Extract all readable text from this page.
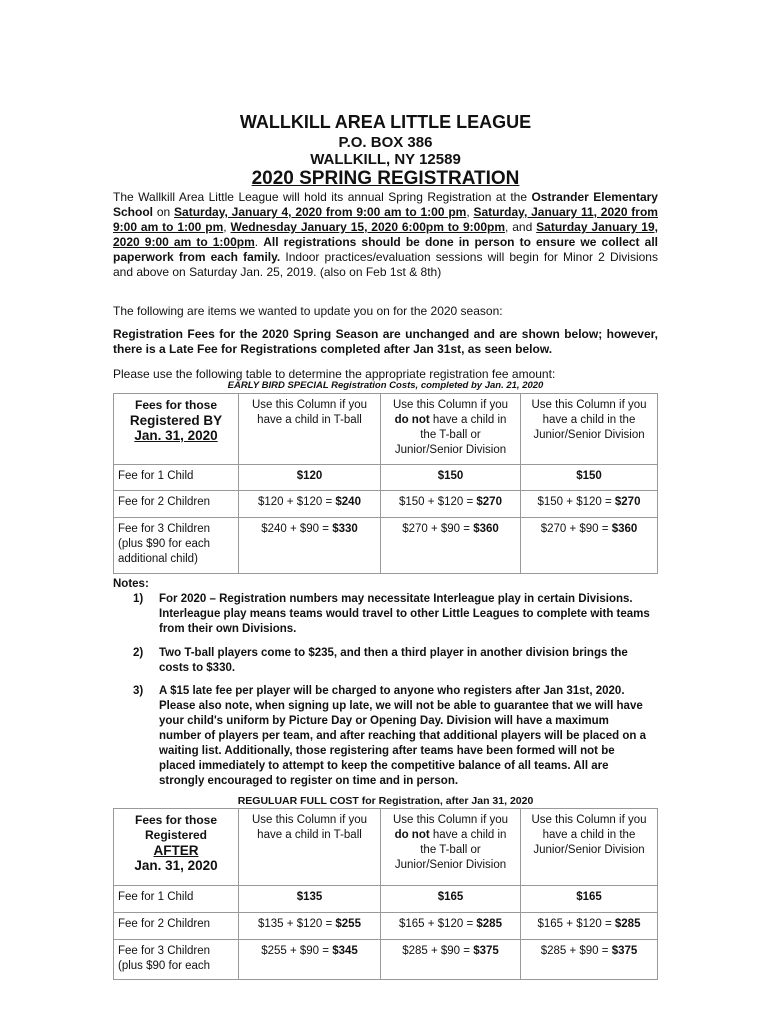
WALLKILL AREA LITTLE LEAGUE
P.O. BOX 386
WALLKILL, NY 12589
2020 SPRING REGISTRATION
The Wallkill Area Little League will hold its annual Spring Registration at the Ostrander Elementary School on Saturday, January 4, 2020 from 9:00 am to 1:00 pm, Saturday, January 11, 2020 from 9:00 am to 1:00 pm, Wednesday January 15, 2020 6:00pm to 9:00pm, and Saturday January 19, 2020 9:00 am to 1:00pm. All registrations should be done in person to ensure we collect all paperwork from each family. Indoor practices/evaluation sessions will begin for Minor 2 Divisions and above on Saturday Jan. 25, 2019. (also on Feb 1st & 8th)
The following are items we wanted to update you on for the 2020 season:
Registration Fees for the 2020 Spring Season are unchanged and are shown below; however, there is a Late Fee for Registrations completed after Jan 31st, as seen below.
Please use the following table to determine the appropriate registration fee amount:
EARLY BIRD SPECIAL Registration Costs, completed by Jan. 21, 2020
Fees for those
Registered BY
Jan. 31, 2020	Use this Column if you have a child in T-ball	Use this Column if you do not have a child in the T-ball or Junior/Senior Division	Use this Column if you have a child in the Junior/Senior Division
Fee for 1 Child	$120	$150	$150
Fee for 2 Children	$120 + $120 = $240	$150 + $120 = $270	$150 + $120 = $270
Fee for 3 Children (plus $90 for each additional child)	$240 + $90 = $330	$270 + $90 = $360	$270 + $90 = $360
Notes:
1) For 2020 – Registration numbers may necessitate Interleague play in certain Divisions. Interleague play means teams would travel to other Little Leagues to complete with teams from their own Divisions.
2) Two T-ball players come to $235, and then a third player in another division brings the costs to $330.
3) A $15 late fee per player will be charged to anyone who registers after Jan 31st, 2020. Please also note, when signing up late, we will not be able to guarantee that we will have your child's uniform by Picture Day or Opening Day. Division will have a maximum number of players per team, and after reaching that additional players will be placed on a waiting list. Additionally, those registering after teams have been formed will not be placed immediately to attempt to keep the competitive balance of all teams. All are strongly encouraged to register on time and in person.
REGULUAR FULL COST for Registration, after Jan 31, 2020
Fees for those
Registered
AFTER
Jan. 31, 2020	Use this Column if you have a child in T-ball	Use this Column if you do not have a child in the T-ball or Junior/Senior Division	Use this Column if you have a child in the Junior/Senior Division
Fee for 1 Child	$135	$165	$165
Fee for 2 Children	$135 + $120 = $255	$165 + $120 = $285	$165 + $120 = $285
Fee for 3 Children (plus $90 for each	$255 + $90 = $345	$285 + $90 = $375	$285 + $90 = $375
